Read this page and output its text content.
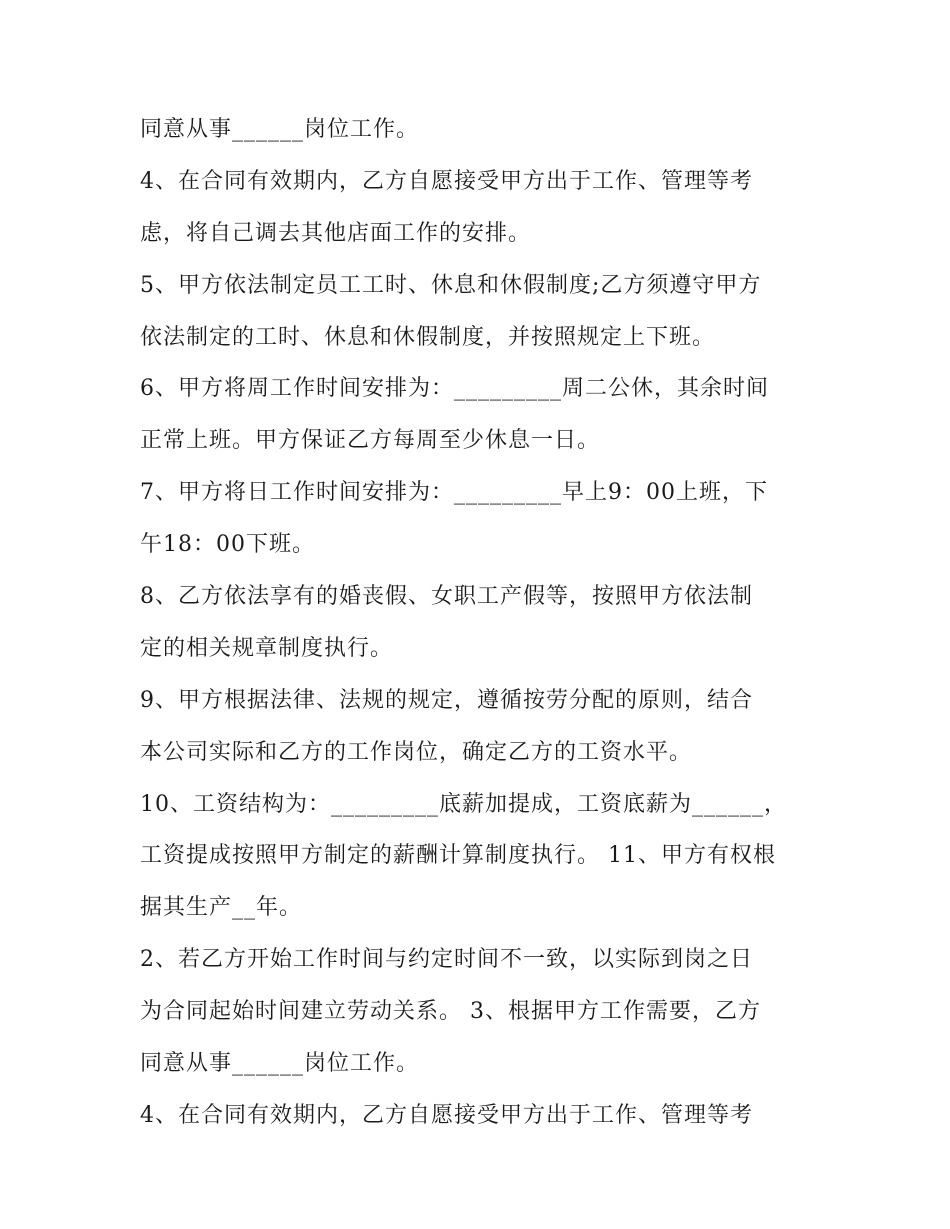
同意从事______岗位工作。
4、在合同有效期内，乙方自愿接受甲方出于工作、管理等考
虑，将自己调去其他店面工作的安排。
5、甲方依法制定员工工时、休息和休假制度;乙方须遵守甲方
依法制定的工时、休息和休假制度，并按照规定上下班。
6、甲方将周工作时间安排为：_________周二公休，其余时间
正常上班。甲方保证乙方每周至少休息一日。
7、甲方将日工作时间安排为：_________早上9：00上班，下
午18：00下班。
8、乙方依法享有的婚丧假、女职工产假等，按照甲方依法制
定的相关规章制度执行。
9、甲方根据法律、法规的规定，遵循按劳分配的原则，结合
本公司实际和乙方的工作岗位，确定乙方的工资水平。
10、工资结构为：_________底薪加提成，工资底薪为______，
工资提成按照甲方制定的薪酬计算制度执行。 11、甲方有权根
据其生产__年。
2、若乙方开始工作时间与约定时间不一致，以实际到岗之日
为合同起始时间建立劳动关系。 3、根据甲方工作需要，乙方
同意从事______岗位工作。
4、在合同有效期内，乙方自愿接受甲方出于工作、管理等考
